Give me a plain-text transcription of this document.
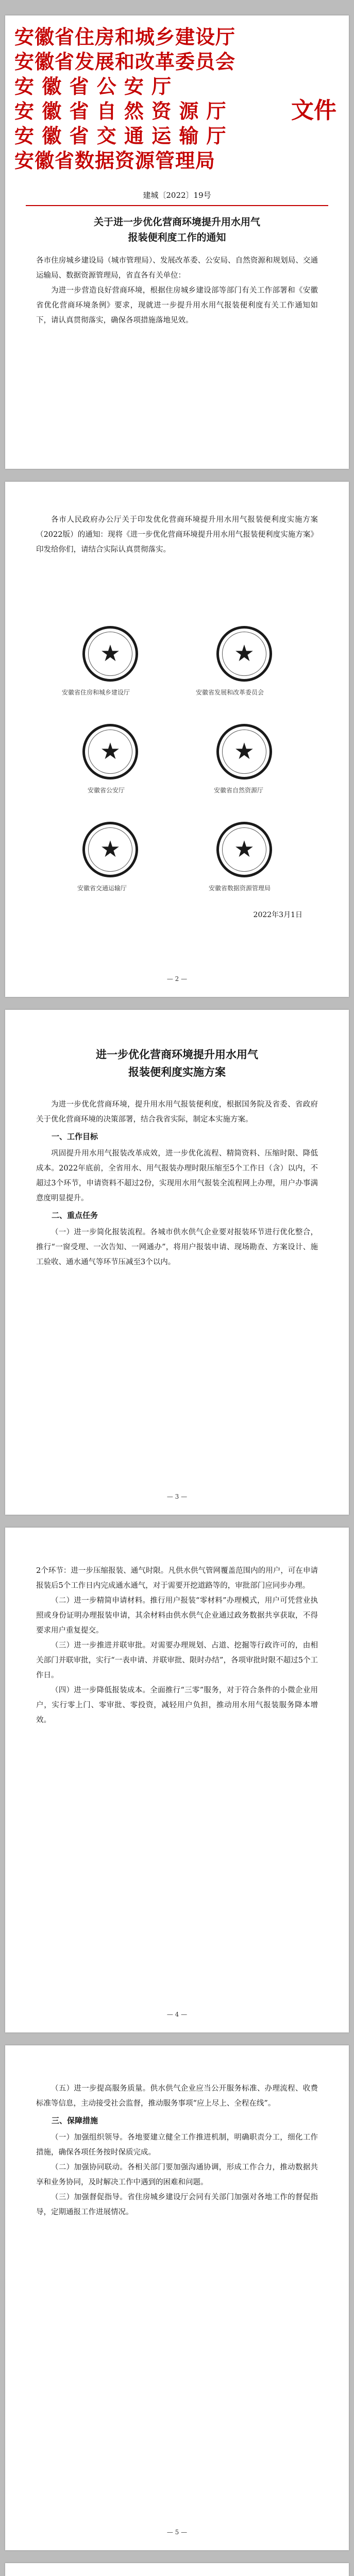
安徽省住房和城乡建设厅
安徽省发展和改革委员会
安 徽 省 公 安 厅
安 徽 省 自 然 资 源 厅
安 徽 省 交 通 运 输 厅
安徽省数据资源管理局
文件
建城〔2022〕19号
关于进一步优化营商环境提升用水用气
报装便利度工作的通知

各市住房城乡建设局（城市管理局）、发展改革委、公安局、自然资源和规划局、交通运输局、数据资源管理局，省直各有关单位：

为进一步营造良好营商环境，根据住房城乡建设部等部门有关工作部署和《安徽省优化营商环境条例》要求，现就进一步提升用水用气报装便利度有关工作通知如下，请认真贯彻落实，确保各项措施落地见效。

各市人民政府办公厅关于印发优化营商环境提升用水用气报装便利度实施方案（2022版）的通知：现将《进一步优化营商环境提升用水用气报装便利度实施方案》印发给你们，请结合实际认真贯彻落实。

★
安徽省住房和城乡建设厅
★
安徽省发展和改革委员会
★
安徽省公安厅
★
安徽省自然资源厅
★
安徽省交通运输厅
★
安徽省数据资源管理局
2022年3月1日
— 2 —
进一步优化营商环境提升用水用气
报装便利度实施方案

为进一步优化营商环境，提升用水用气报装便利度，根据国务院及省委、省政府关于优化营商环境的决策部署，结合我省实际，制定本实施方案。

一、工作目标

巩固提升用水用气报装改革成效，进一步优化流程、精简资料、压缩时限、降低成本。2022年底前，全省用水、用气报装办理时限压缩至5个工作日（含）以内，不超过3个环节，申请资料不超过2份，实现用水用气报装全流程网上办理，用户办事满意度明显提升。

二、重点任务

（一）进一步简化报装流程。各城市供水供气企业要对报装环节进行优化整合，推行“一窗受理、一次告知、一网通办”，将用户报装申请、现场勘查、方案设计、施工验收、通水通气等环节压减至3个以内。

— 3 —

2个环节：进一步压缩报装、通气时限。凡供水供气管网覆盖范围内的用户，可在申请报装后5个工作日内完成通水通气，对于需要开挖道路等的，审批部门应同步办理。

（二）进一步精简申请材料。推行用户报装“零材料”办理模式，用户可凭营业执照或身份证明办理报装申请，其余材料由供水供气企业通过政务数据共享获取，不得要求用户重复提交。

（三）进一步推进并联审批。对需要办理规划、占道、挖掘等行政许可的，由相关部门并联审批，实行“一表申请、并联审批、限时办结”，各项审批时限不超过5个工作日。

（四）进一步降低报装成本。全面推行“三零”服务，对于符合条件的小微企业用户，实行零上门、零审批、零投资，减轻用户负担，推动用水用气报装服务降本增效。

— 4 —

（五）进一步提高服务质量。供水供气企业应当公开服务标准、办理流程、收费标准等信息，主动接受社会监督，推动服务事项“应上尽上、全程在线”。

三、保障措施

（一）加强组织领导。各地要建立健全工作推进机制，明确职责分工，细化工作措施，确保各项任务按时保质完成。

（二）加强协同联动。各相关部门要加强沟通协调，形成工作合力，推动数据共享和业务协同，及时解决工作中遇到的困难和问题。

（三）加强督促指导。省住房城乡建设厅会同有关部门加强对各地工作的督促指导，定期通报工作进展情况。

— 5 —
